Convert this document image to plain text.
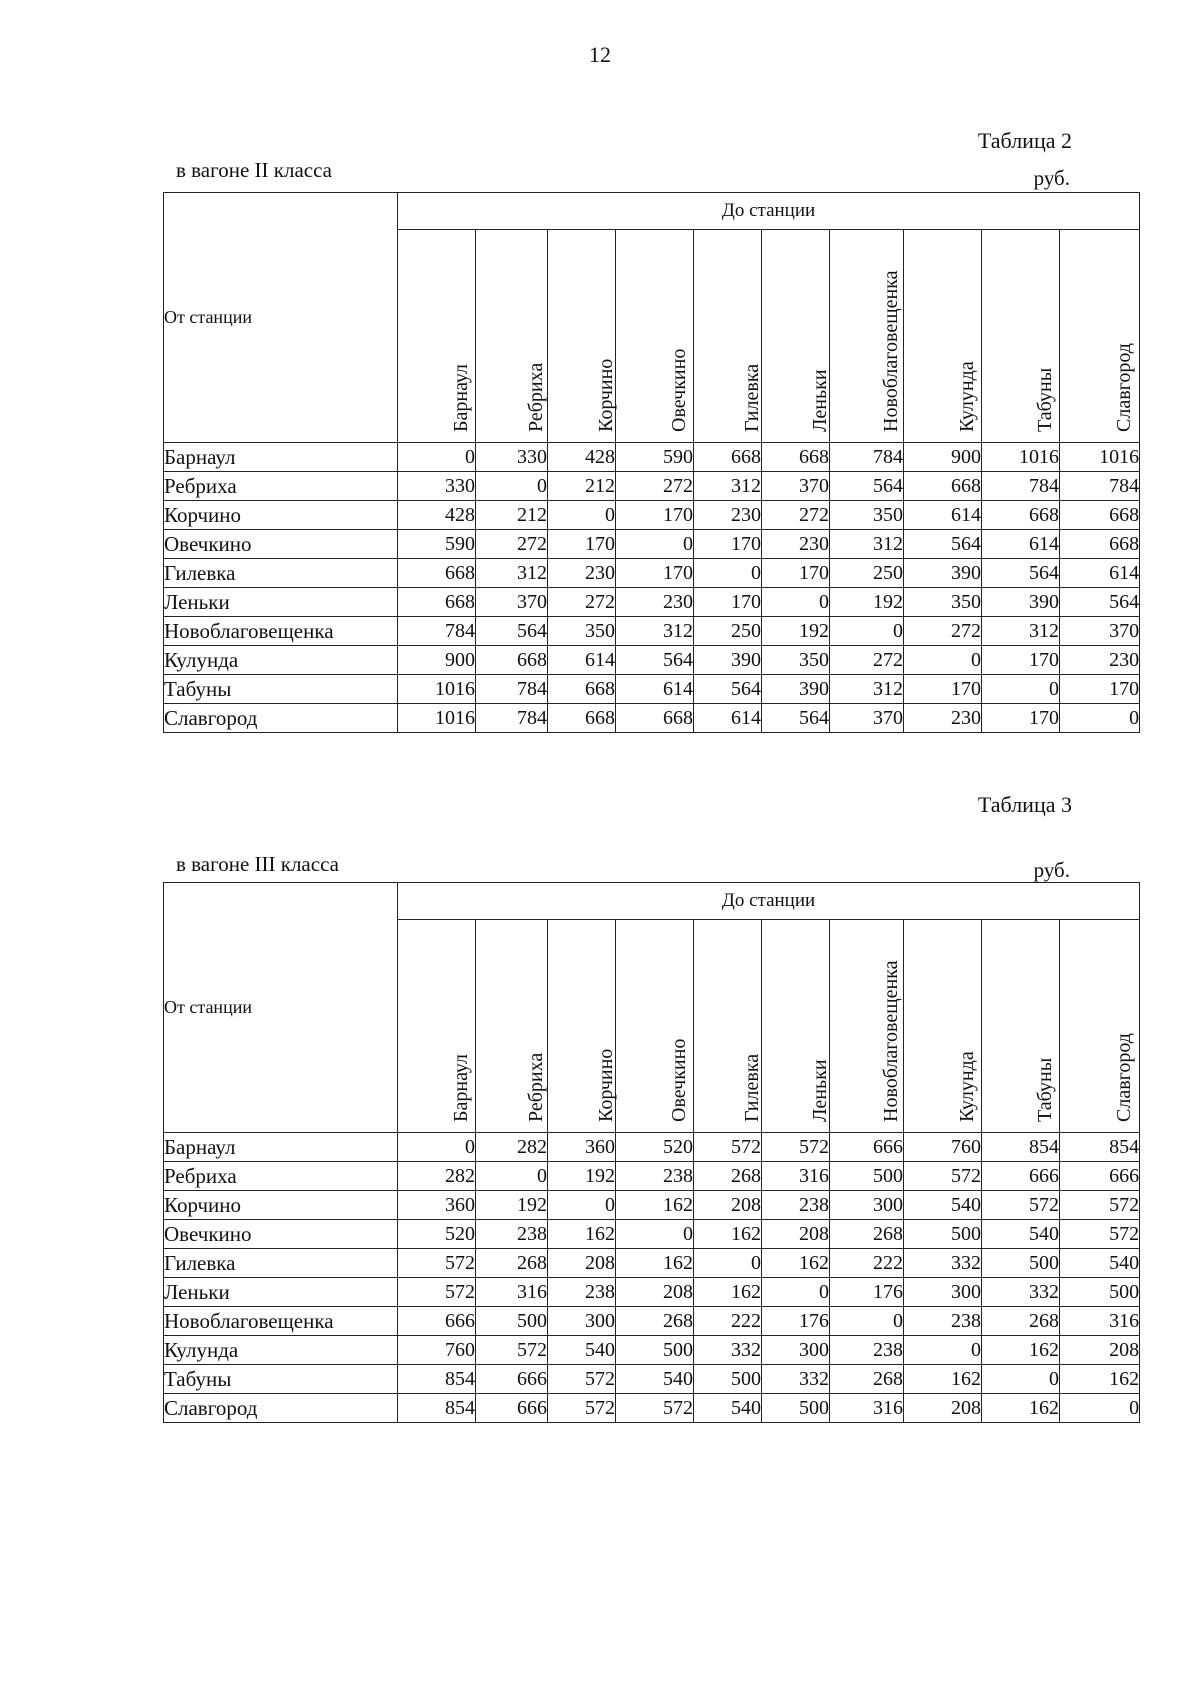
12
Таблица 2
в вагоне II класса	руб.
От станции	До станции									

	Барнаул	Ребриха	Корчино	Овечкино	Гилевка	Леньки	Новоблаговещенка	Кулунда	Табуны	Славгород

Барнаул	0	330	428	590	668	668	784	900	1016	1016
Ребриха	330	0	212	272	312	370	564	668	784	784
Корчино	428	212	0	170	230	272	350	614	668	668
Овечкино	590	272	170	0	170	230	312	564	614	668
Гилевка	668	312	230	170	0	170	250	390	564	614
Леньки	668	370	272	230	170	0	192	350	390	564
Новоблаговещенка	784	564	350	312	250	192	0	272	312	370
Кулунда	900	668	614	564	390	350	272	0	170	230
Табуны	1016	784	668	614	564	390	312	170	0	170
Славгород	1016	784	668	668	614	564	370	230	170	0
Таблица 3
в вагоне III класса	руб.
От станции	До станции									

	Барнаул	Ребриха	Корчино	Овечкино	Гилевка	Леньки	Новоблаговещенка	Кулунда	Табуны	Славгород

Барнаул	0	282	360	520	572	572	666	760	854	854
Ребриха	282	0	192	238	268	316	500	572	666	666
Корчино	360	192	0	162	208	238	300	540	572	572
Овечкино	520	238	162	0	162	208	268	500	540	572
Гилевка	572	268	208	162	0	162	222	332	500	540
Леньки	572	316	238	208	162	0	176	300	332	500
Новоблаговещенка	666	500	300	268	222	176	0	238	268	316
Кулунда	760	572	540	500	332	300	238	0	162	208
Табуны	854	666	572	540	500	332	268	162	0	162
Славгород	854	666	572	572	540	500	316	208	162	0
